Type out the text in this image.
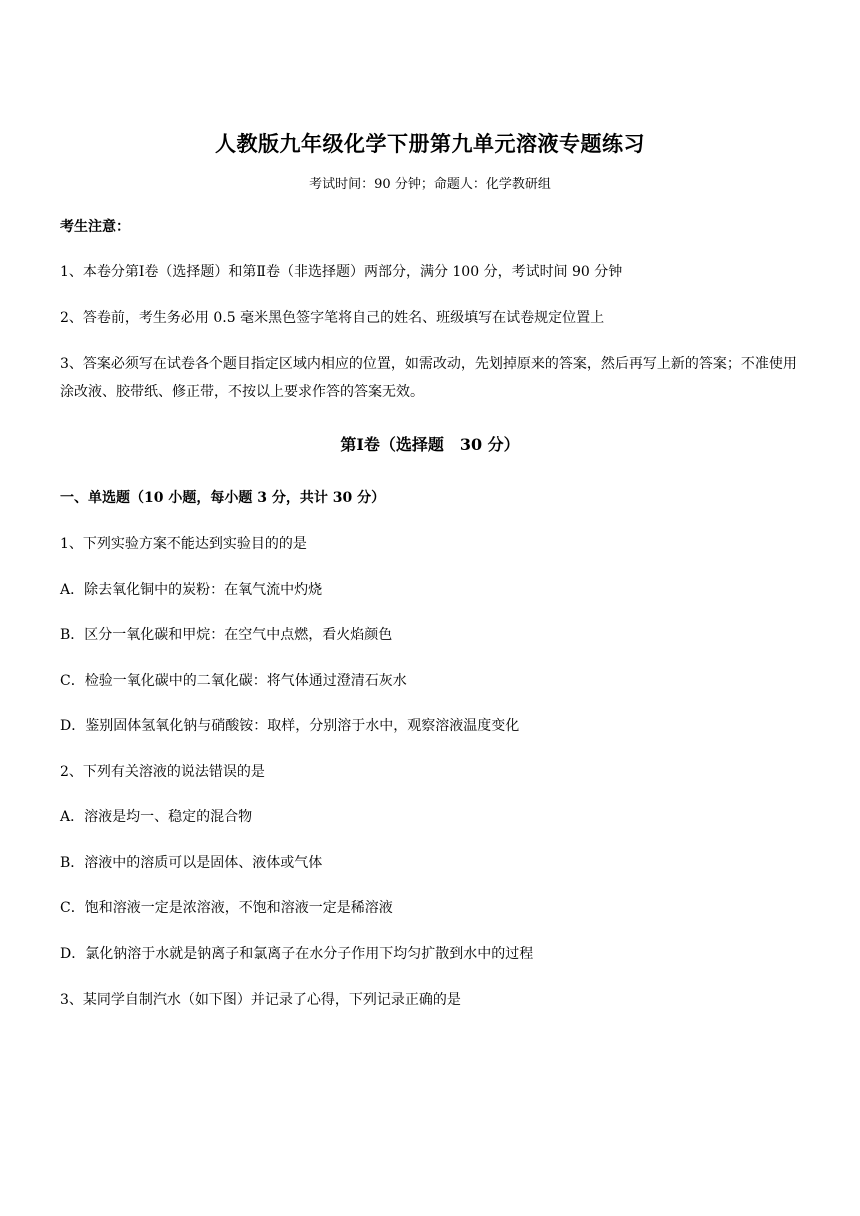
人教版九年级化学下册第九单元溶液专题练习
考试时间：90 分钟；命题人：化学教研组
考生注意：
1、本卷分第Ⅰ卷（选择题）和第Ⅱ卷（非选择题）两部分，满分 100 分，考试时间 90 分钟
2、答卷前，考生务必用 0.5 毫米黑色签字笔将自己的姓名、班级填写在试卷规定位置上
3、答案必须写在试卷各个题目指定区域内相应的位置，如需改动，先划掉原来的答案，然后再写上新的答案；不准使用涂改液、胶带纸、修正带，不按以上要求作答的答案无效。
第Ⅰ卷（选择题　30 分）
一、单选题（10 小题，每小题 3 分，共计 30 分）
1、下列实验方案不能达到实验目的的是
A．除去氧化铜中的炭粉：在氧气流中灼烧
B．区分一氧化碳和甲烷：在空气中点燃，看火焰颜色
C．检验一氧化碳中的二氧化碳：将气体通过澄清石灰水
D．鉴别固体氢氧化钠与硝酸铵：取样，分别溶于水中，观察溶液温度变化
2、下列有关溶液的说法错误的是
A．溶液是均一、稳定的混合物
B．溶液中的溶质可以是固体、液体或气体
C．饱和溶液一定是浓溶液，不饱和溶液一定是稀溶液
D．氯化钠溶于水就是钠离子和氯离子在水分子作用下均匀扩散到水中的过程
3、某同学自制汽水（如下图）并记录了心得，下列记录正确的是
